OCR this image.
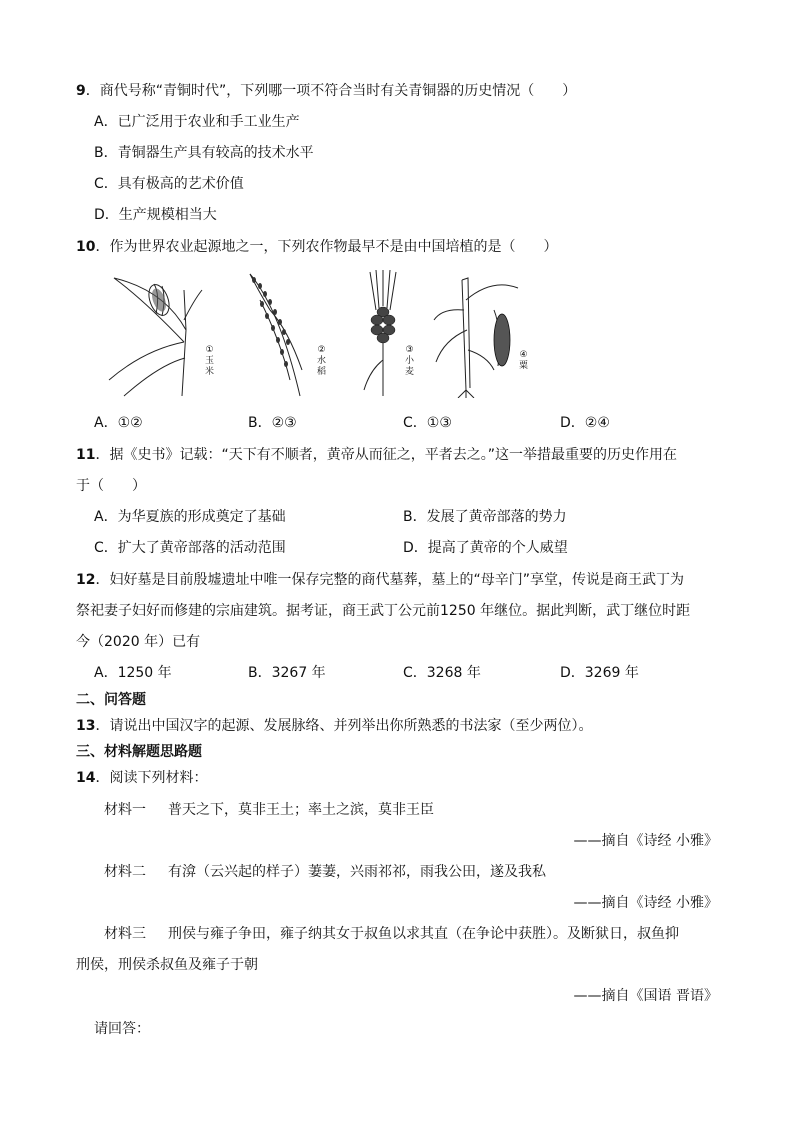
9．商代号称“青铜时代”，下列哪一项不符合当时有关青铜器的历史情况（　　）
A．已广泛用于农业和手工业生产
B．青铜器生产具有较高的技术水平
C．具有极高的艺术价值
D．生产规模相当大
10．作为世界农业起源地之一，下列农作物最早不是由中国培植的是（　　）
①玉米
②水稻
③小麦
④粟
A．①②	B．②③	C．①③	D．②④
11．据《史书》记载：“天下有不顺者，黄帝从而征之，平者去之。”这一举措最重要的历史作用在
于（　　）
A．为华夏族的形成奠定了基础	B．发展了黄帝部落的势力
C．扩大了黄帝部落的活动范围	D．提高了黄帝的个人威望
12．妇好墓是目前殷墟遗址中唯一保存完整的商代墓葬，墓上的“母辛门”享堂，传说是商王武丁为
祭祀妻子妇好而修建的宗庙建筑。据考证，商王武丁公元前1250 年继位。据此判断，武丁继位时距
今（2020 年）已有
A．1250 年	B．3267 年	C．3268 年	D．3269 年
二、问答题
13．请说出中国汉字的起源、发展脉络、并列举出你所熟悉的书法家（至少两位）。
三、材料解题思路题
14．阅读下列材料：
材料一 普天之下，莫非王土；率土之滨，莫非王臣
——摘自《诗经 小雅》
材料二 有渰（云兴起的样子）萋萋，兴雨祁祁，雨我公田，遂及我私
——摘自《诗经 小雅》
材料三 刑侯与雍子争田，雍子纳其女于叔鱼以求其直（在争论中获胜）。及断狱日，叔鱼抑
刑侯，刑侯杀叔鱼及雍子于朝
——摘自《国语 晋语》
请回答：
